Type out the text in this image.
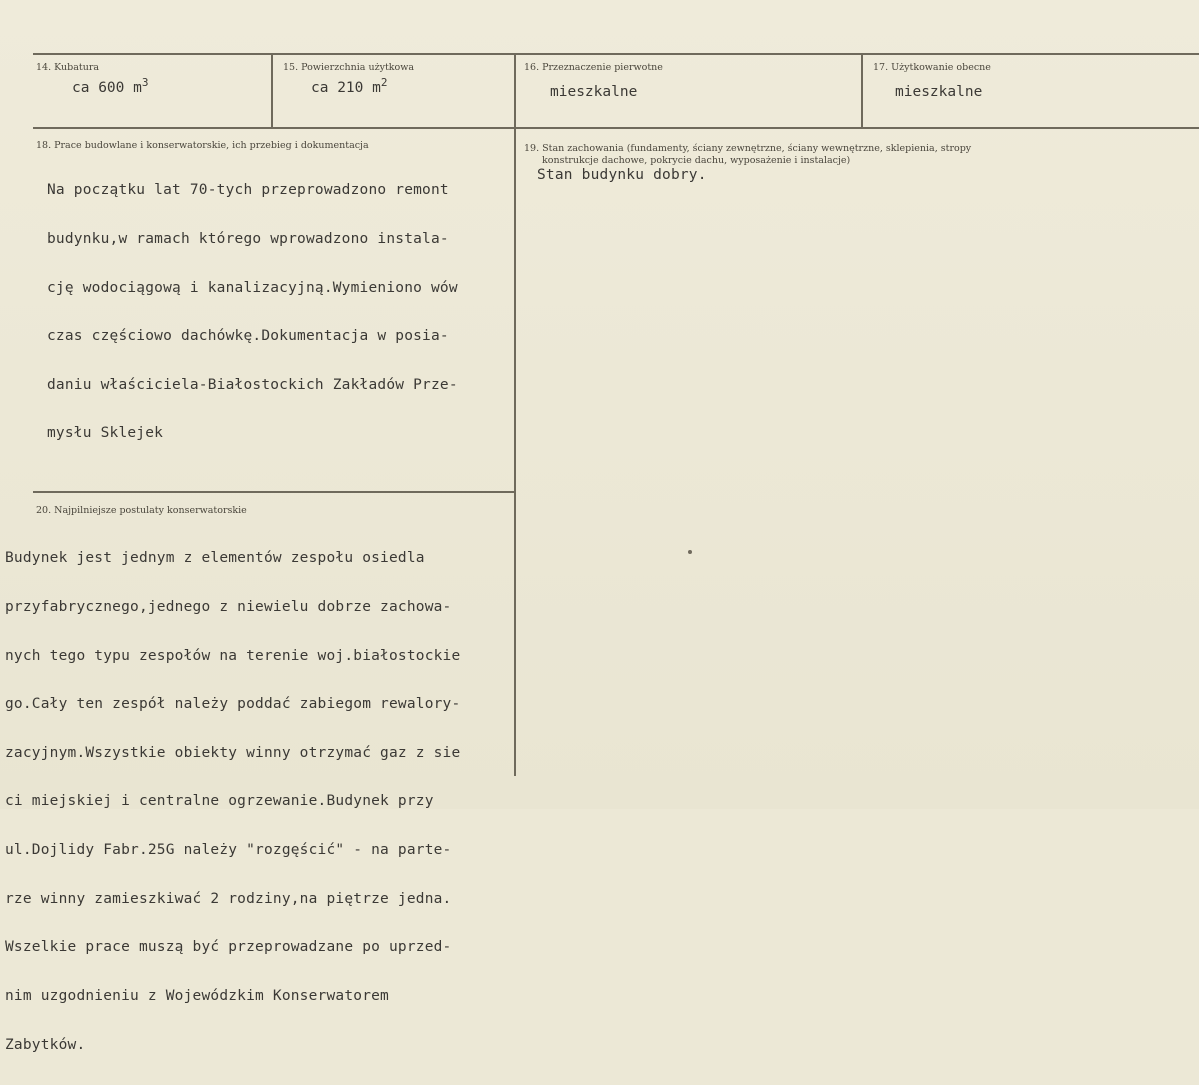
14. Kubatura
ca 600 $m^3$
15. Powierzchnia użytkowa
ca 210 $m^2$
16. Przeznaczenie pierwotne
mieszkalne
17. Użytkowanie obecne
mieszkalne
18. Prace budowlane i konserwatorskie, ich przebieg i dokumentacja

Na początku lat 70-tych przeprowadzono remont

budynku,w ramach którego wprowadzono instala-

cję wodociągową i kanalizacyjną.Wymieniono wów

czas częściowo dachówkę.Dokumentacja w posia-

daniu właściciela-Białostockich Zakładów Prze-

mysłu Sklejek

19. Stan zachowania (fundamenty, ściany zewnętrzne, ściany wewnętrzne, sklepienia, stropy
konstrukcje dachowe, pokrycie dachu, wyposażenie i instalacje)
Stan budynku dobry.
20. Najpilniejsze postulaty konserwatorskie

Budynek jest jednym z elementów zespołu osiedla

przyfabrycznego,jednego z niewielu dobrze zachowa-

nych tego typu zespołów na terenie woj.białostockie

go.Cały ten zespół należy poddać zabiegom rewalory-

zacyjnym.Wszystkie obiekty winny otrzymać gaz z sie

ci miejskiej i centralne ogrzewanie.Budynek przy

ul.Dojlidy Fabr.25G należy "rozgęścić" - na parte-

rze winny zamieszkiwać 2 rodziny,na piętrze jedna.

Wszelkie prace muszą być przeprowadzane po uprzed-

nim uzgodnieniu z Wojewódzkim Konserwatorem

Zabytków.
